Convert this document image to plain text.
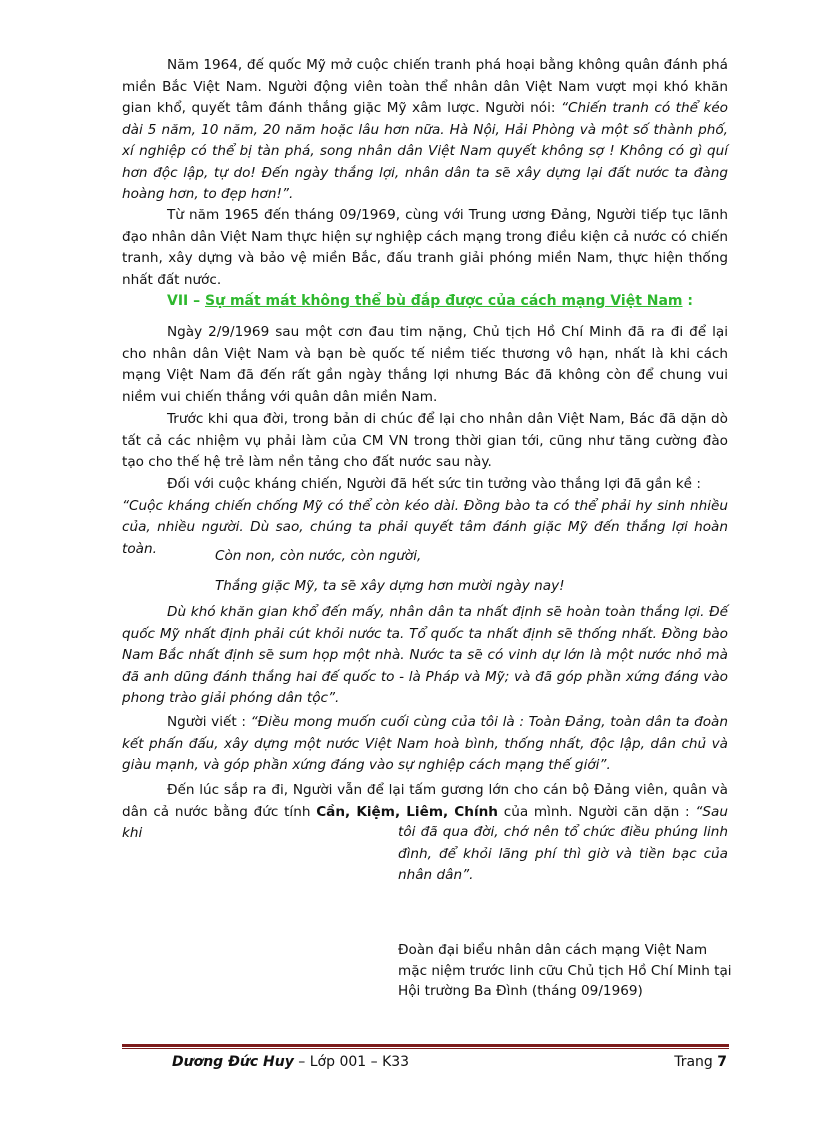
Năm 1964, đế quốc Mỹ mở cuộc chiến tranh phá hoại bằng không quân đánh phá miền Bắc Việt Nam. Người động viên toàn thể nhân dân Việt Nam vượt mọi khó khăn gian khổ, quyết tâm đánh thắng giặc Mỹ xâm lược. Người nói: “Chiến tranh có thể kéo dài 5 năm, 10 năm, 20 năm hoặc lâu hơn nữa. Hà Nội, Hải Phòng và một số thành phố, xí nghiệp có thể bị tàn phá, song nhân dân Việt Nam quyết không sợ ! Không có gì quí hơn độc lập, tự do! Đến ngày thắng lợi, nhân dân ta sẽ xây dựng lại đất nước ta đàng hoàng hơn, to đẹp hơn!”.

Từ năm 1965 đến tháng 09/1969, cùng với Trung ương Đảng, Người tiếp tục lãnh đạo nhân dân Việt Nam thực hiện sự nghiệp cách mạng trong điều kiện cả nước có chiến tranh, xây dựng và bảo vệ miền Bắc, đấu tranh giải phóng miền Nam, thực hiện thống nhất đất nước.

VII – Sự mất mát không thể bù đắp được của cách mạng Việt Nam :

Ngày 2/9/1969 sau một cơn đau tim nặng, Chủ tịch Hồ Chí Minh đã ra đi để lại cho nhân dân Việt Nam và bạn bè quốc tế niềm tiếc thương vô hạn, nhất là khi cách mạng Việt Nam đã đến rất gần ngày thắng lợi nhưng Bác đã không còn để chung vui niềm vui chiến thắng với quân dân miền Nam.

Trước khi qua đời, trong bản di chúc để lại cho nhân dân Việt Nam, Bác đã dặn dò tất cả các nhiệm vụ phải làm của CM VN trong thời gian tới, cũng như tăng cường đào tạo cho thế hệ trẻ làm nền tảng cho đất nước sau này.

Đối với cuộc kháng chiến, Người đã hết sức tin tưởng vào thắng lợi đã gần kề :
“Cuộc kháng chiến chống Mỹ có thể còn kéo dài. Đồng bào ta có thể phải hy sinh nhiều của, nhiều người. Dù sao, chúng ta phải quyết tâm đánh giặc Mỹ đến thắng lợi hoàn toàn.	Còn non, còn nước, còn người,

Thắng giặc Mỹ, ta sẽ xây dựng hơn mười ngày nay!

Dù khó khăn gian khổ đến mấy, nhân dân ta nhất định sẽ hoàn toàn thắng lợi. Đế quốc Mỹ nhất định phải cút khỏi nước ta. Tổ quốc ta nhất định sẽ thống nhất. Đồng bào Nam Bắc nhất định sẽ sum họp một nhà. Nước ta sẽ có vinh dự lớn là một nước nhỏ mà đã anh dũng đánh thắng hai đế quốc to - là Pháp và Mỹ; và đã góp phần xứng đáng vào phong trào giải phóng dân tộc”.

Người viết : “Điều mong muốn cuối cùng của tôi là : Toàn Đảng, toàn dân ta đoàn kết phấn đấu, xây dựng một nước Việt Nam hoà bình, thống nhất, độc lập, dân chủ và giàu mạnh, và góp phần xứng đáng vào sự nghiệp cách mạng thế giới”.

Đến lúc sắp ra đi, Người vẫn để lại tấm gương lớn cho cán bộ Đảng viên, quân và dân cả nước bằng đức tính Cần, Kiệm, Liêm, Chính của mình. Người căn dặn : “Sau khi	tôi đã qua đời, chớ nên tổ chức điều phúng linh đình, để khỏi lãng phí thì giờ và tiền bạc của nhân dân”.

Đoàn đại biểu nhân dân cách mạng Việt Nam mặc niệm trước linh cữu Chủ tịch Hồ Chí Minh tại Hội trường Ba Đình (tháng 09/1969)

Dương Đức Huy – Lớp 001 – K33	Trang 7
